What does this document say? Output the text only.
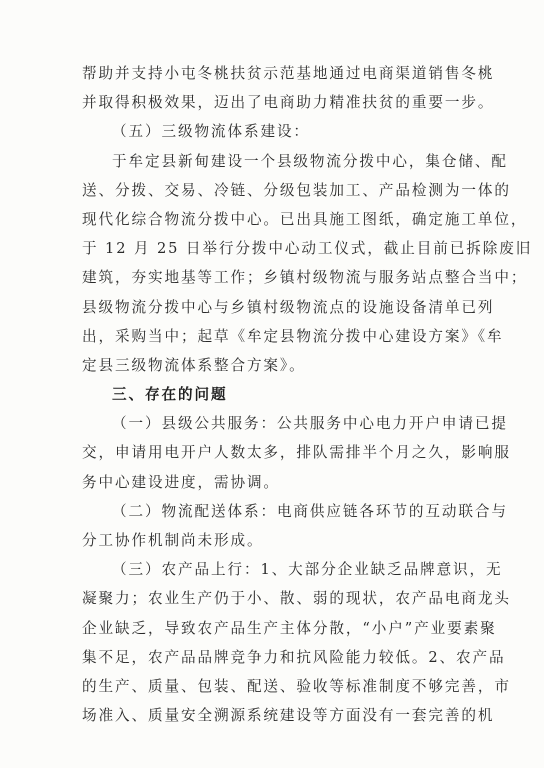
帮助并支持小屯冬桃扶贫示范基地通过电商渠道销售冬桃
并取得积极效果，迈出了电商助力精准扶贫的重要一步。
（五）三级物流体系建设：
于牟定县新甸建设一个县级物流分拨中心，集仓储、配
送、分拨、交易、冷链、分级包装加工、产品检测为一体的
现代化综合物流分拨中心。已出具施工图纸，确定施工单位，
于 12 月 25 日举行分拨中心动工仪式，截止目前已拆除废旧
建筑，夯实地基等工作；乡镇村级物流与服务站点整合当中；
县级物流分拨中心与乡镇村级物流点的设施设备清单已列
出，采购当中；起草《牟定县物流分拨中心建设方案》《牟
定县三级物流体系整合方案》。
三、存在的问题
（一）县级公共服务：公共服务中心电力开户申请已提
交，申请用电开户人数太多，排队需排半个月之久，影响服
务中心建设进度，需协调。
（二）物流配送体系：电商供应链各环节的互动联合与
分工协作机制尚未形成。
（三）农产品上行：1、大部分企业缺乏品牌意识，无
凝聚力；农业生产仍于小、散、弱的现状，农产品电商龙头
企业缺乏，导致农产品生产主体分散，“小户”产业要素聚
集不足，农产品品牌竞争力和抗风险能力较低。2、农产品
的生产、质量、包装、配送、验收等标准制度不够完善，市
场准入、质量安全溯源系统建设等方面没有一套完善的机
